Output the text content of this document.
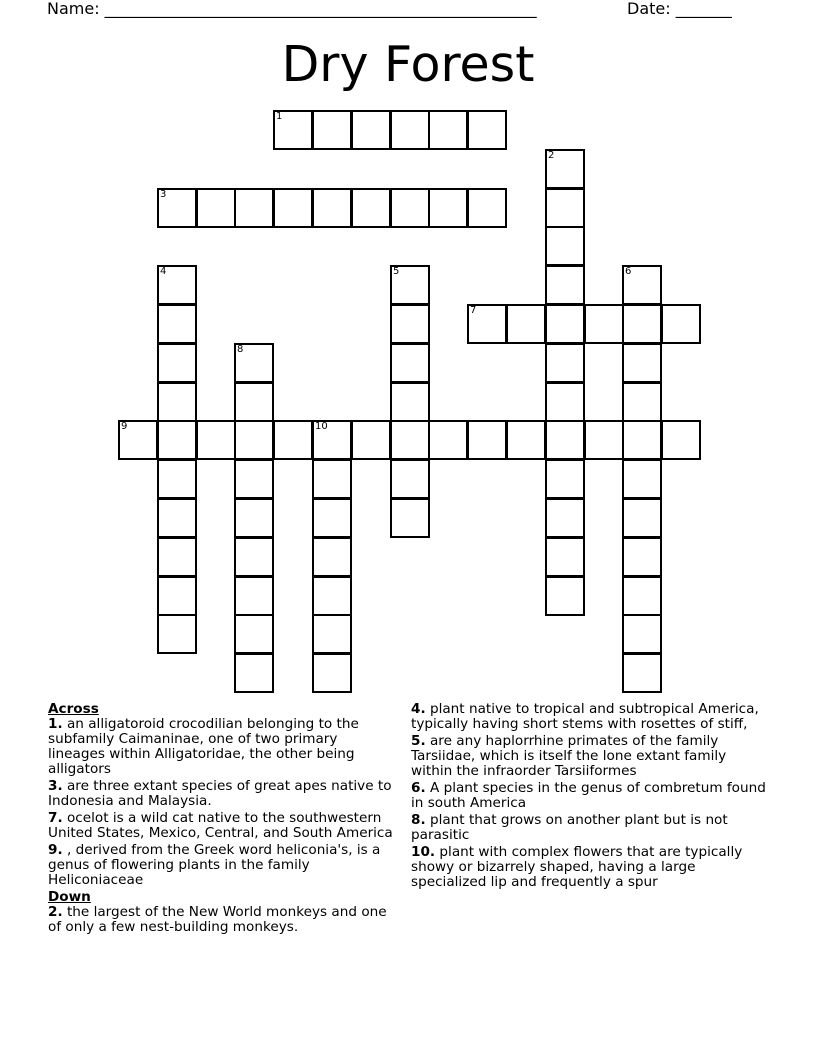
Name: ______________________________________________________	Date: _______
Dry Forest
1
2
3
4	5	6
7
8
9	10
Across
1. an alligatoroid crocodilian belonging to the subfamily Caimaninae, one of two primary lineages within Alligatoridae, the other being alligators
3. are three extant species of great apes native to Indonesia and Malaysia.
7. ocelot is a wild cat native to the southwestern United States, Mexico, Central, and South America
9. , derived from the Greek word heliconia's, is a genus of flowering plants in the family Heliconiaceae
Down
2. the largest of the New World monkeys and one of only a few nest-building monkeys.
4. plant native to tropical and subtropical America, typically having short stems with rosettes of stiff,
5. are any haplorrhine primates of the family Tarsiidae, which is itself the lone extant family within the infraorder Tarsiiformes
6. A plant species in the genus of combretum found in south America
8. plant that grows on another plant but is not parasitic
10. plant with complex flowers that are typically showy or bizarrely shaped, having a large specialized lip and frequently a spur
